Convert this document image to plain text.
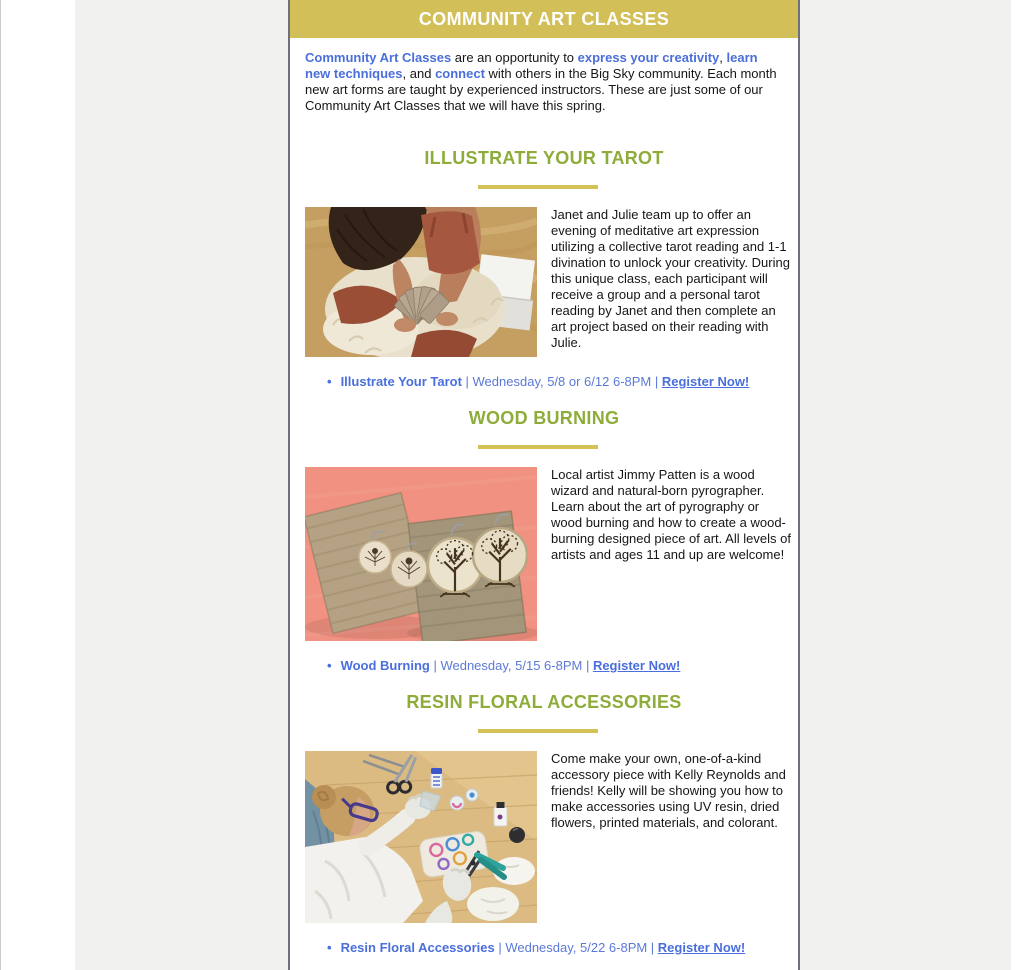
COMMUNITY ART CLASSES

Community Art Classes are an opportunity to express your creativity, learn new techniques, and connect with others in the Big Sky community. Each month new art forms are taught by experienced instructors. These are just some of our Community Art Classes that we will have this spring.

ILLUSTRATE YOUR TAROT
Janet and Julie team up to offer an evening of meditative art expression utilizing a collective tarot reading and 1-1 divination to unlock your creativity. During this unique class, each participant will receive a group and a personal tarot reading by Janet and then complete an art project based on their reading with Julie.
• Illustrate Your Tarot | Wednesday, 5/8 or 6/12 6-8PM | Register Now!
WOOD BURNING
Local artist Jimmy Patten is a wood wizard and natural-born pyrographer. Learn about the art of pyrography or wood burning and how to create a wood-burning designed piece of art. All levels of artists and ages 11 and up are welcome!
• Wood Burning | Wednesday, 5/15 6-8PM | Register Now!
RESIN FLORAL ACCESSORIES
Come make your own, one-of-a-kind accessory piece with Kelly Reynolds and friends! Kelly will be showing you how to make accessories using UV resin, dried flowers, printed materials, and colorant.
• Resin Floral Accessories | Wednesday, 5/22 6-8PM | Register Now!
